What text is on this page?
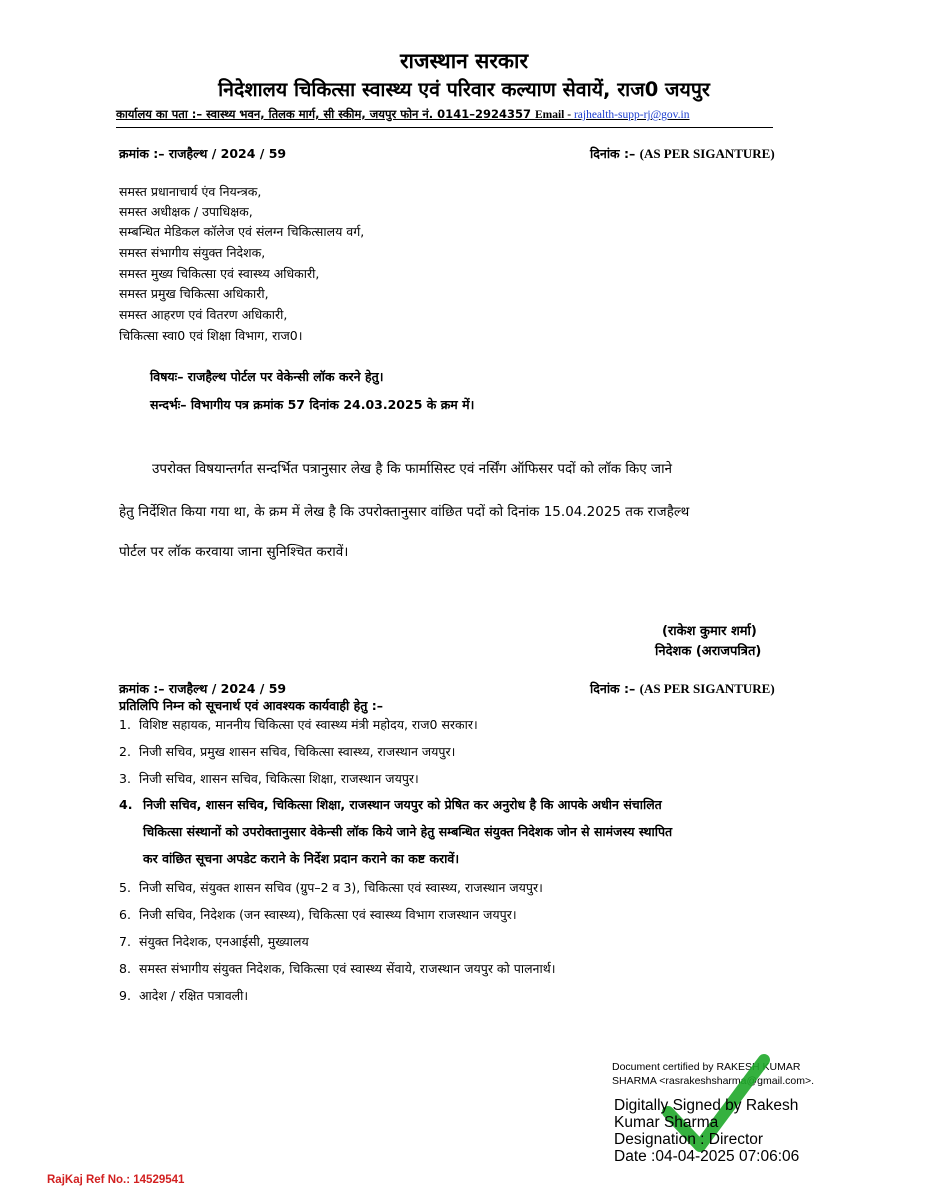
राजस्थान सरकार
निदेशालय चिकित्सा स्वास्थ्य एवं परिवार कल्याण सेवायें, राज0 जयपुर
कार्यालय का पता :– स्वास्थ्य भवन, तिलक मार्ग, सी स्कीम, जयपुर फोन नं. 0141–2924357 Email - rajhealth-supp-rj@gov.in
क्रमांक :– राजहैल्थ / 2024 / 59	दिनांक :– (AS PER SIGANTURE)
समस्त प्रधानाचार्य एंव नियन्त्रक,
समस्त अधीक्षक / उपाधिक्षक,
सम्बन्धित मेडिकल कॉलेज एवं संलग्न चिकित्सालय वर्ग,
समस्त संभागीय संयुक्त निदेशक,
समस्त मुख्य चिकित्सा एवं स्वास्थ्य अधिकारी,
समस्त प्रमुख चिकित्सा अधिकारी,
समस्त आहरण एवं वितरण अधिकारी,
चिकित्सा स्वा0 एवं शिक्षा विभाग, राज0।
विषयः– राजहैल्थ पोर्टल पर वेकेन्सी लॉक करने हेतु।
सन्दर्भः– विभागीय पत्र क्रमांक 57 दिनांक 24.03.2025 के क्रम में।
उपरोक्त विषयान्तर्गत सन्दर्भित पत्रानुसार लेख है कि फार्मासिस्ट एवं नर्सिंग ऑफिसर पदों को लॉक किए जाने
हेतु निर्देशित किया गया था, के क्रम में लेख है कि उपरोक्तानुसार वांछित पदों को दिनांक 15.04.2025 तक राजहैल्थ
पोर्टल पर लॉक करवाया जाना सुनिश्चित करावें।
(राकेश कुमार शर्मा)
निदेशक (अराजपत्रित)
क्रमांक :– राजहैल्थ / 2024 / 59	दिनांक :– (AS PER SIGANTURE)
प्रतिलिपि निम्न को सूचनार्थ एवं आवश्यक कार्यवाही हेतु :–
1. विशिष्ट सहायक, माननीय चिकित्सा एवं स्वास्थ्य मंत्री महोदय, राज0 सरकार।
2. निजी सचिव, प्रमुख शासन सचिव, चिकित्सा स्वास्थ्य, राजस्थान जयपुर।
3. निजी सचिव, शासन सचिव, चिकित्सा शिक्षा, राजस्थान जयपुर।
4. निजी सचिव, शासन सचिव, चिकित्सा शिक्षा, राजस्थान जयपुर को प्रेषित कर अनुरोध है कि आपके अधीन संचालित
चिकित्सा संस्थानों को उपरोक्तानुसार वेकेन्सी लॉक किये जाने हेतु सम्बन्धित संयुक्त निदेशक जोन से सामंजस्य स्थापित
कर वांछित सूचना अपडेट कराने के निर्देश प्रदान कराने का कष्ट करावें।
5. निजी सचिव, संयुक्त शासन सचिव (ग्रुप–2 व 3), चिकित्सा एवं स्वास्थ्य, राजस्थान जयपुर।
6. निजी सचिव, निदेशक (जन स्वास्थ्य), चिकित्सा एवं स्वास्थ्य विभाग राजस्थान जयपुर।
7. संयुक्त निदेशक, एनआईसी, मुख्यालय
8. समस्त संभागीय संयुक्त निदेशक, चिकित्सा एवं स्वास्थ्य सेंवाये, राजस्थान जयपुर को पालनार्थ।
9. आदेश / रक्षित पत्रावली।
Document certified by RAKESH KUMAR
SHARMA <rasrakeshsharma@gmail.com>.
Digitally Signed by Rakesh
Kumar Sharma
Designation : Director
Date :04-04-2025 07:06:06
RajKaj Ref No.: 14529541
